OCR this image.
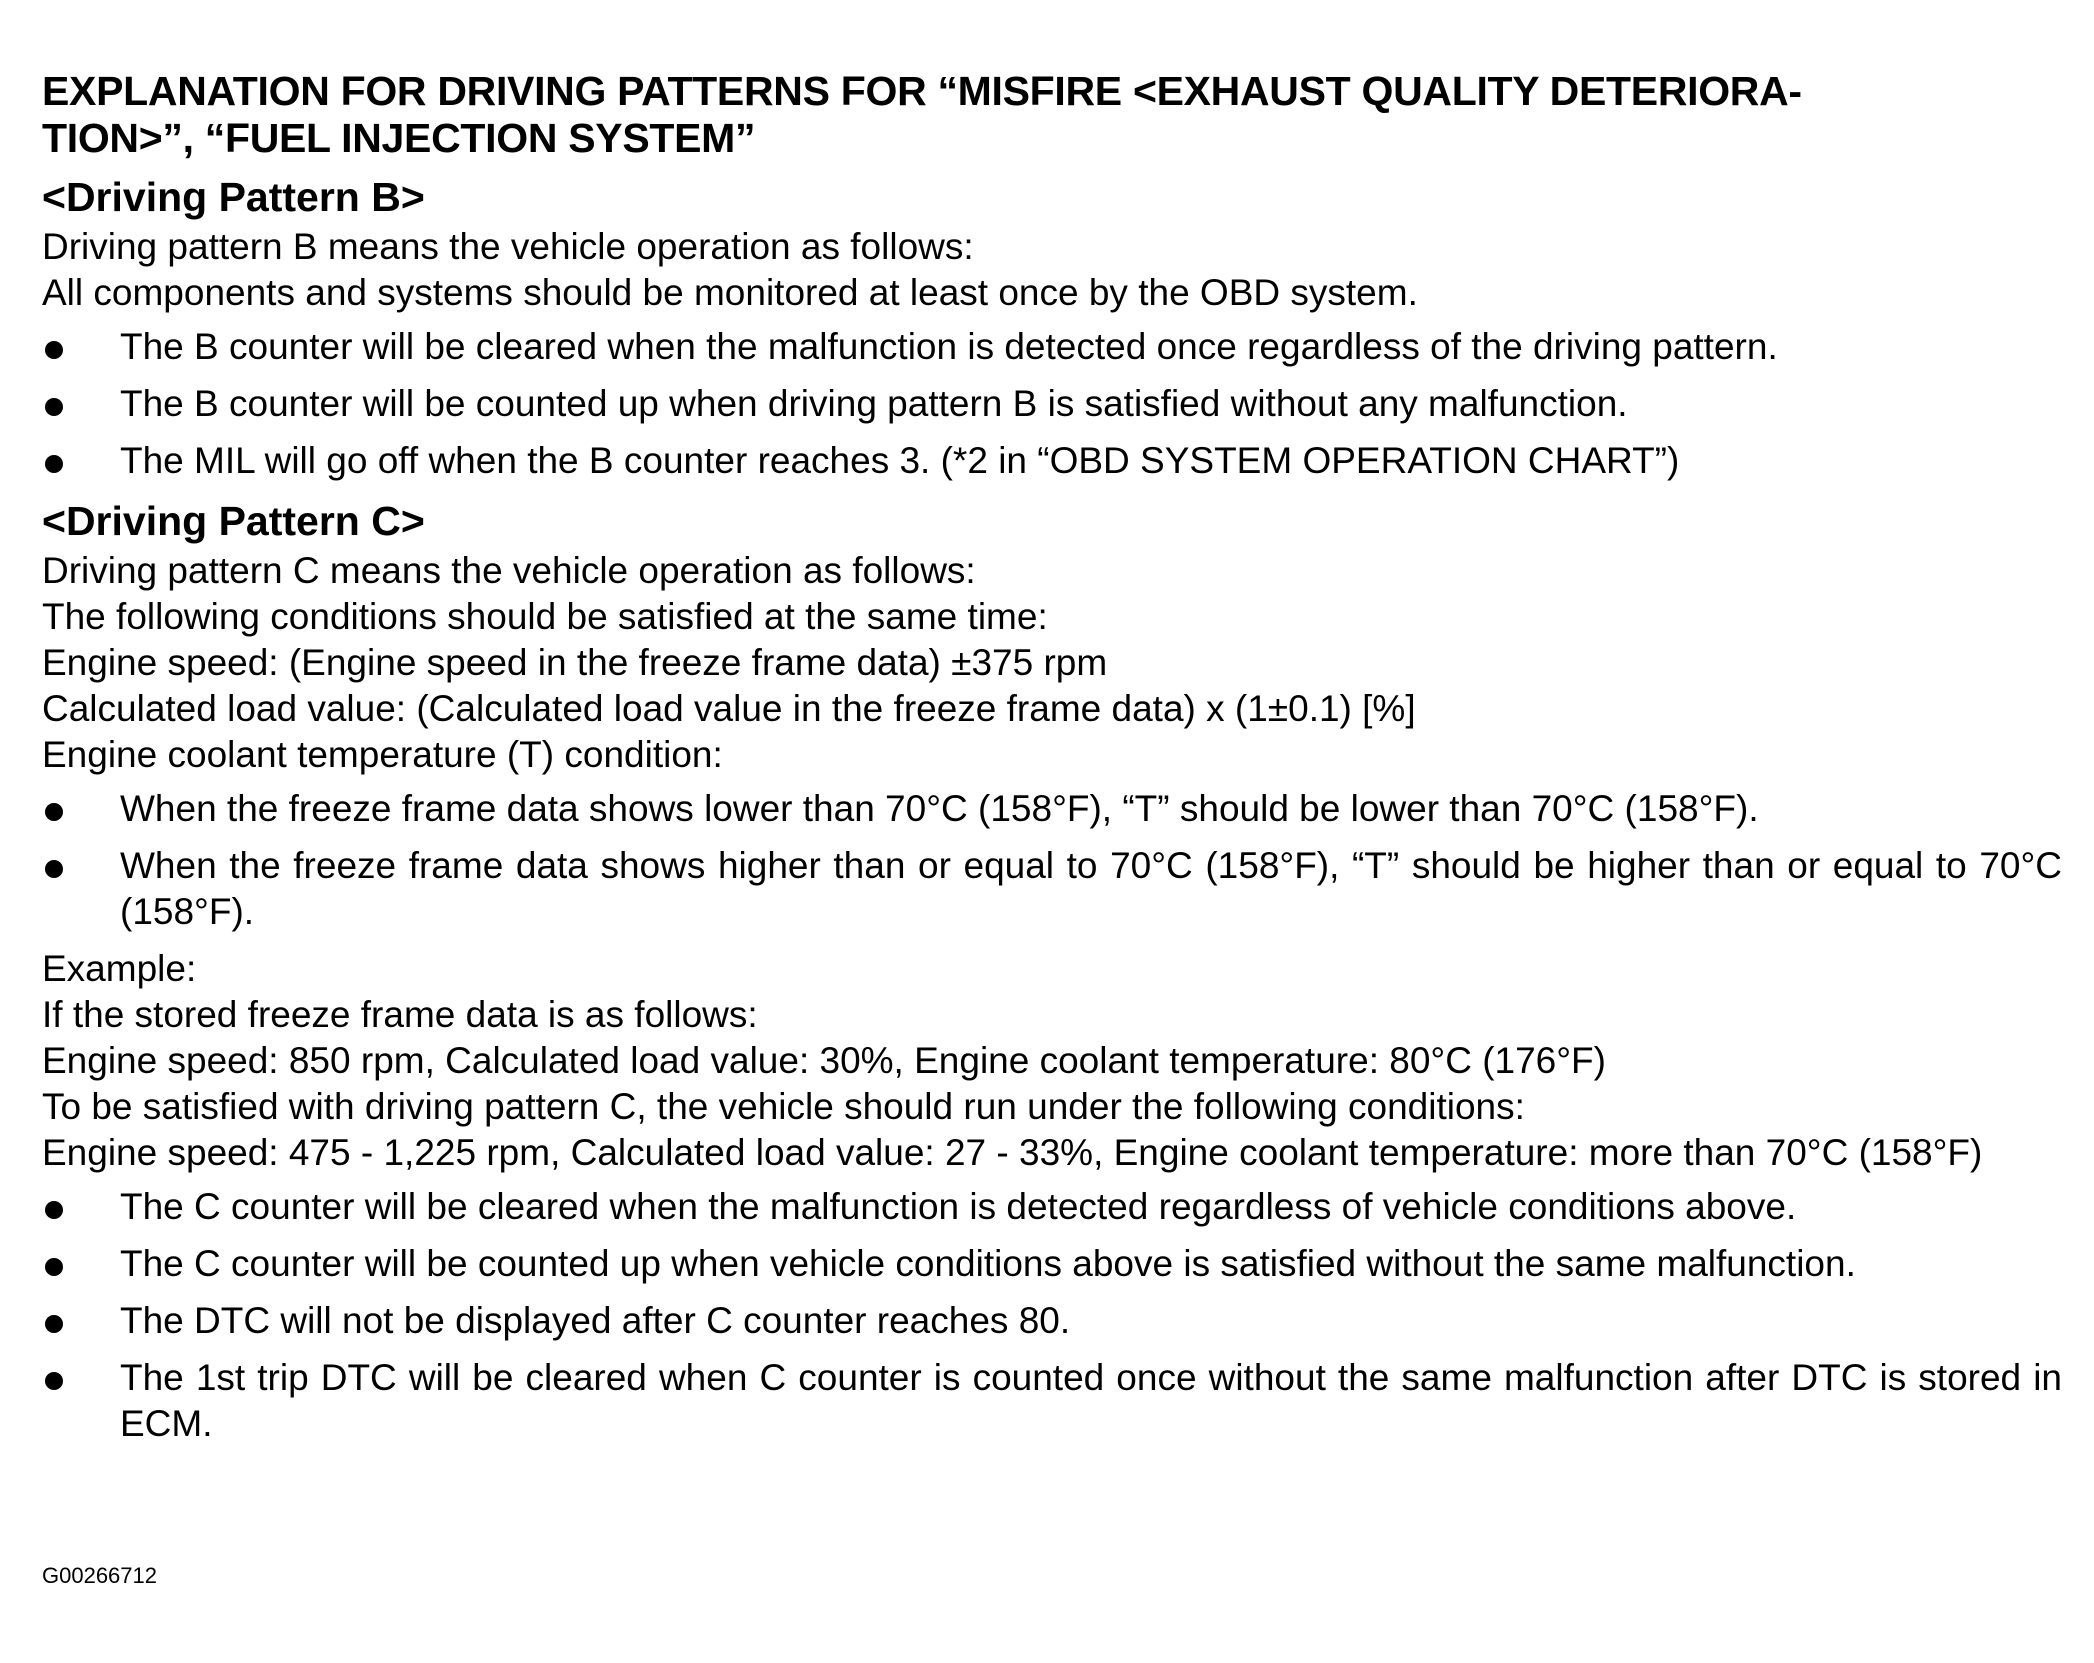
EXPLANATION FOR DRIVING PATTERNS FOR “MISFIRE <EXHAUST QUALITY DETERIORA-
TION>”, “FUEL INJECTION SYSTEM”
<Driving Pattern B>

Driving pattern B means the vehicle operation as follows:

All components and systems should be monitored at least once by the OBD system.

The B counter will be cleared when the malfunction is detected once regardless of the driving pattern.
The B counter will be counted up when driving pattern B is satisfied without any malfunction.
The MIL will go off when the B counter reaches 3. (*2 in “OBD SYSTEM OPERATION CHART”)
<Driving Pattern C>

Driving pattern C means the vehicle operation as follows:

The following conditions should be satisfied at the same time:

Engine speed: (Engine speed in the freeze frame data) ±375 rpm

Calculated load value: (Calculated load value in the freeze frame data) x (1±0.1) [%]

Engine coolant temperature (T) condition:

When the freeze frame data shows lower than 70°C (158°F), “T” should be lower than 70°C (158°F).
When the freeze frame data shows higher than or equal to 70°C (158°F), “T” should be higher than or equal to 70°C (158°F).

Example:

If the stored freeze frame data is as follows:

Engine speed: 850 rpm, Calculated load value: 30%, Engine coolant temperature: 80°C (176°F)

To be satisfied with driving pattern C, the vehicle should run under the following conditions:

Engine speed: 475 - 1,225 rpm, Calculated load value: 27 - 33%, Engine coolant temperature: more than 70°C (158°F)

The C counter will be cleared when the malfunction is detected regardless of vehicle conditions above.
The C counter will be counted up when vehicle conditions above is satisfied without the same malfunction.
The DTC will not be displayed after C counter reaches 80.
The 1st trip DTC will be cleared when C counter is counted once without the same malfunction after DTC is stored in ECM.

G00266712
